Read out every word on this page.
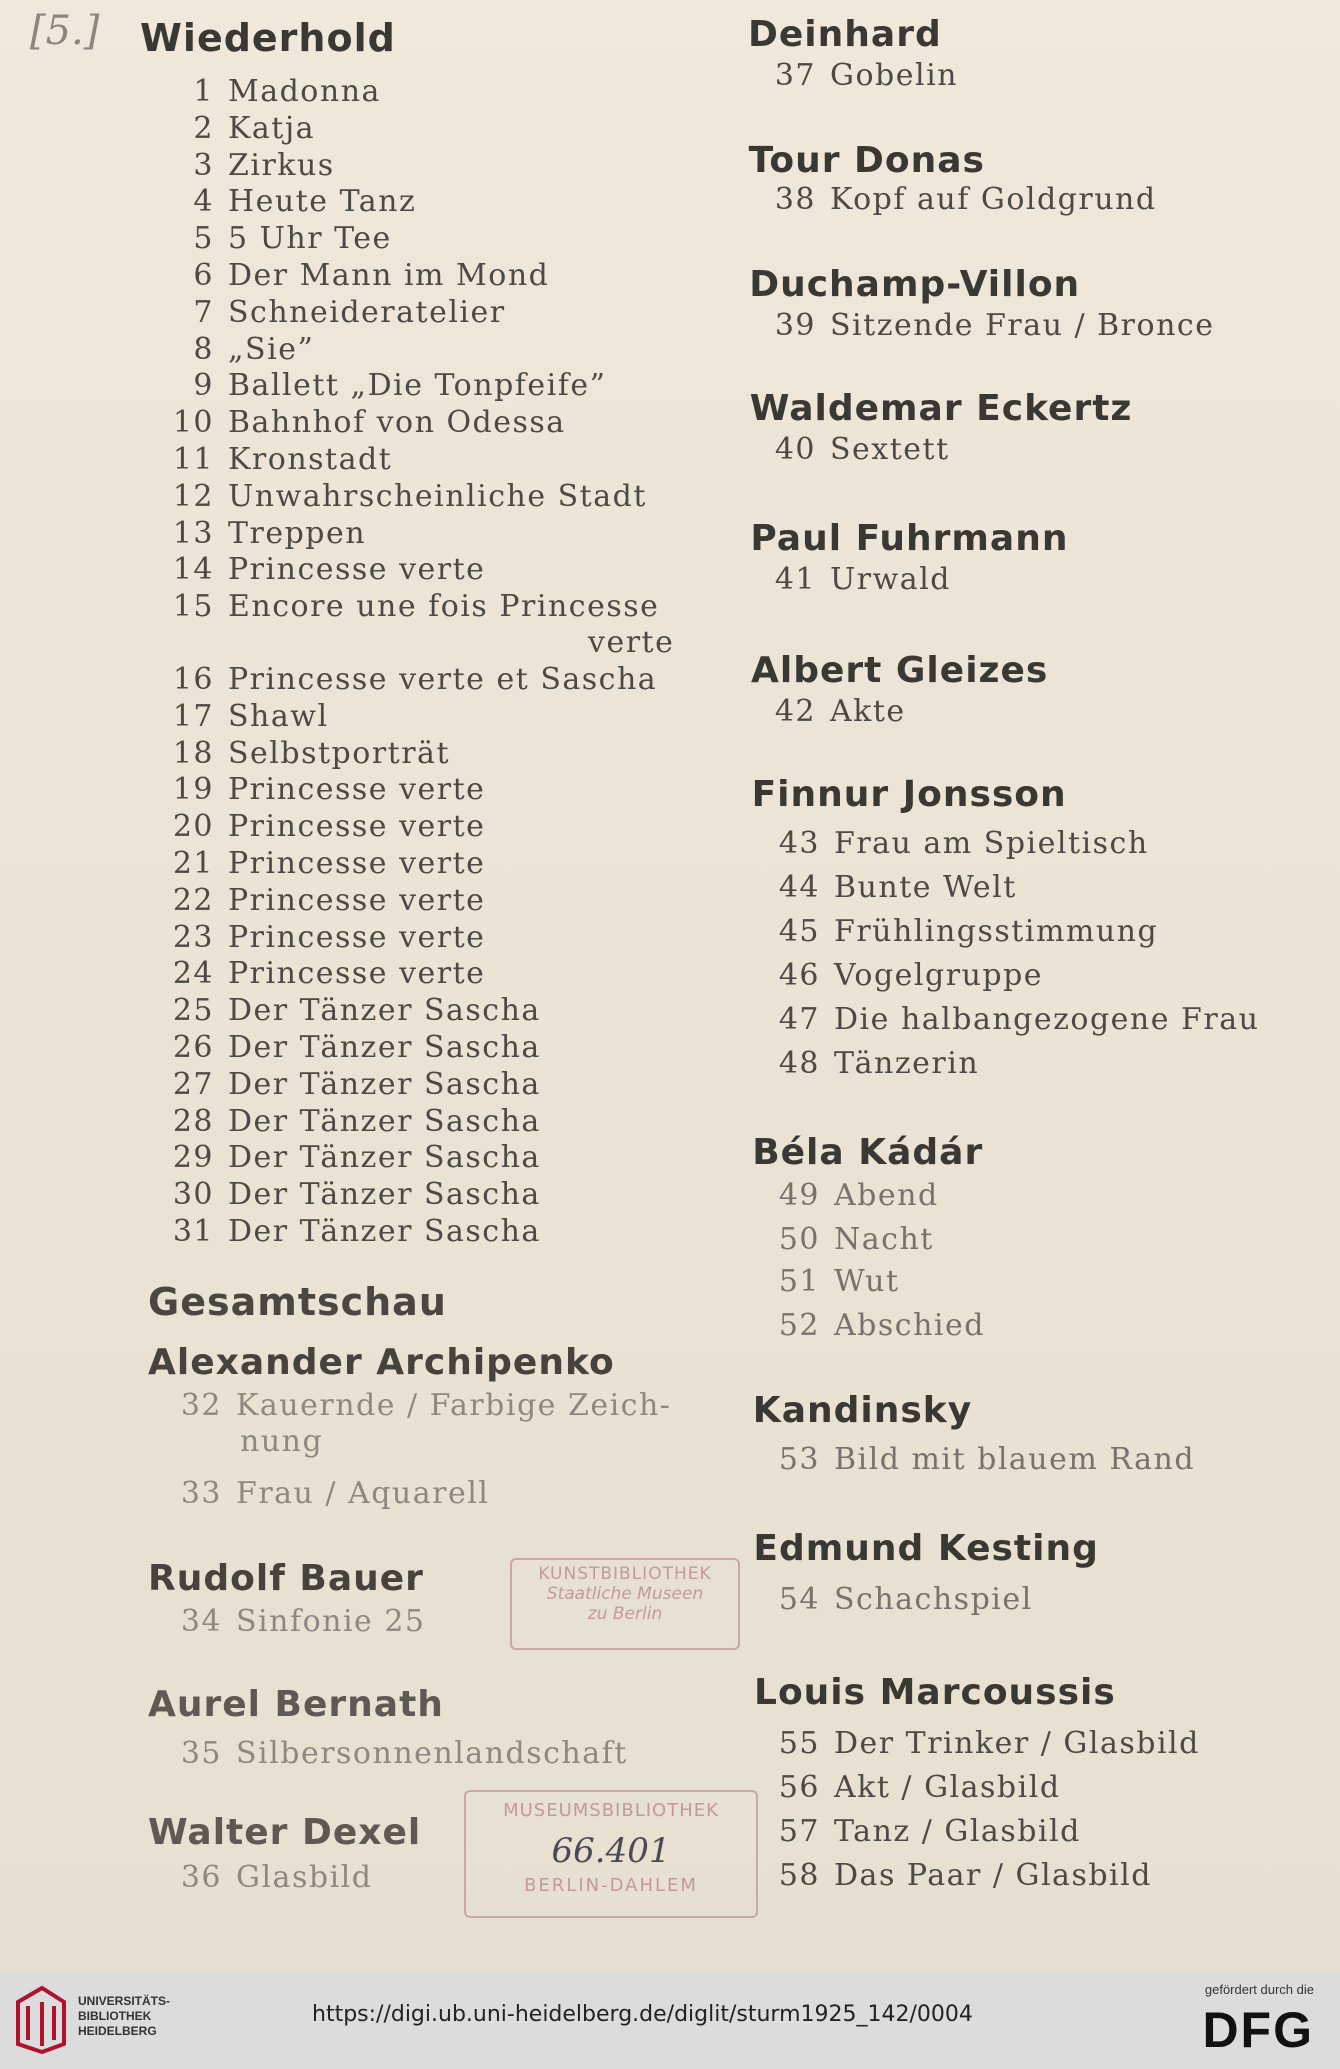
[5.] Wiederhold
1 Madonna
2 Katja
3 Zirkus
4 Heute Tanz
5 5 Uhr Tee
6 Der Mann im Mond
7 Schneideratelier
8 „Sie”
9 Ballett „Die Tonpfeife”
10 Bahnhof von Odessa
11 Kronstadt
12 Unwahrscheinliche Stadt
13 Treppen
14 Princesse verte
15 Encore une fois Princesse
verte
16 Princesse verte et Sascha
17 Shawl
18 Selbstporträt
19 Princesse verte
20 Princesse verte
21 Princesse verte
22 Princesse verte
23 Princesse verte
24 Princesse verte
25 Der Tänzer Sascha
26 Der Tänzer Sascha
27 Der Tänzer Sascha
28 Der Tänzer Sascha
29 Der Tänzer Sascha
30 Der Tänzer Sascha
31 Der Tänzer Sascha
Gesamtschau
Alexander Archipenko
32 Kauernde / Farbige Zeich-
nung
33 Frau / Aquarell
Rudolf Bauer
34 Sinfonie 25
Aurel Bernath
35 Silbersonnenlandschaft
Walter Dexel
36 Glasbild
Deinhard
37 Gobelin
Tour Donas
38 Kopf auf Goldgrund
Duchamp-Villon
39 Sitzende Frau / Bronce
Waldemar Eckertz
40 Sextett
Paul Fuhrmann
41 Urwald
Albert Gleizes
42 Akte
Finnur Jonsson
43 Frau am Spieltisch
44 Bunte Welt
45 Frühlingsstimmung
46 Vogelgruppe
47 Die halbangezogene Frau
48 Tänzerin
Béla Kádár
49 Abend
50 Nacht
51 Wut
52 Abschied
Kandinsky
53 Bild mit blauem Rand
Edmund Kesting
54 Schachspiel
Louis Marcoussis
55 Der Trinker / Glasbild
56 Akt / Glasbild
57 Tanz / Glasbild
58 Das Paar / Glasbild
KUNSTBIBLIOTHEK
Staatliche Museen
zu Berlin
MUSEUMSBIBLIOTHEK
66.401
BERLIN-DAHLEM
UNIVERSITÄTS-
BIBLIOTHEK
HEIDELBERG
https://digi.ub.uni-heidelberg.de/diglit/sturm1925_142/0004
gefördert durch die
DFG
